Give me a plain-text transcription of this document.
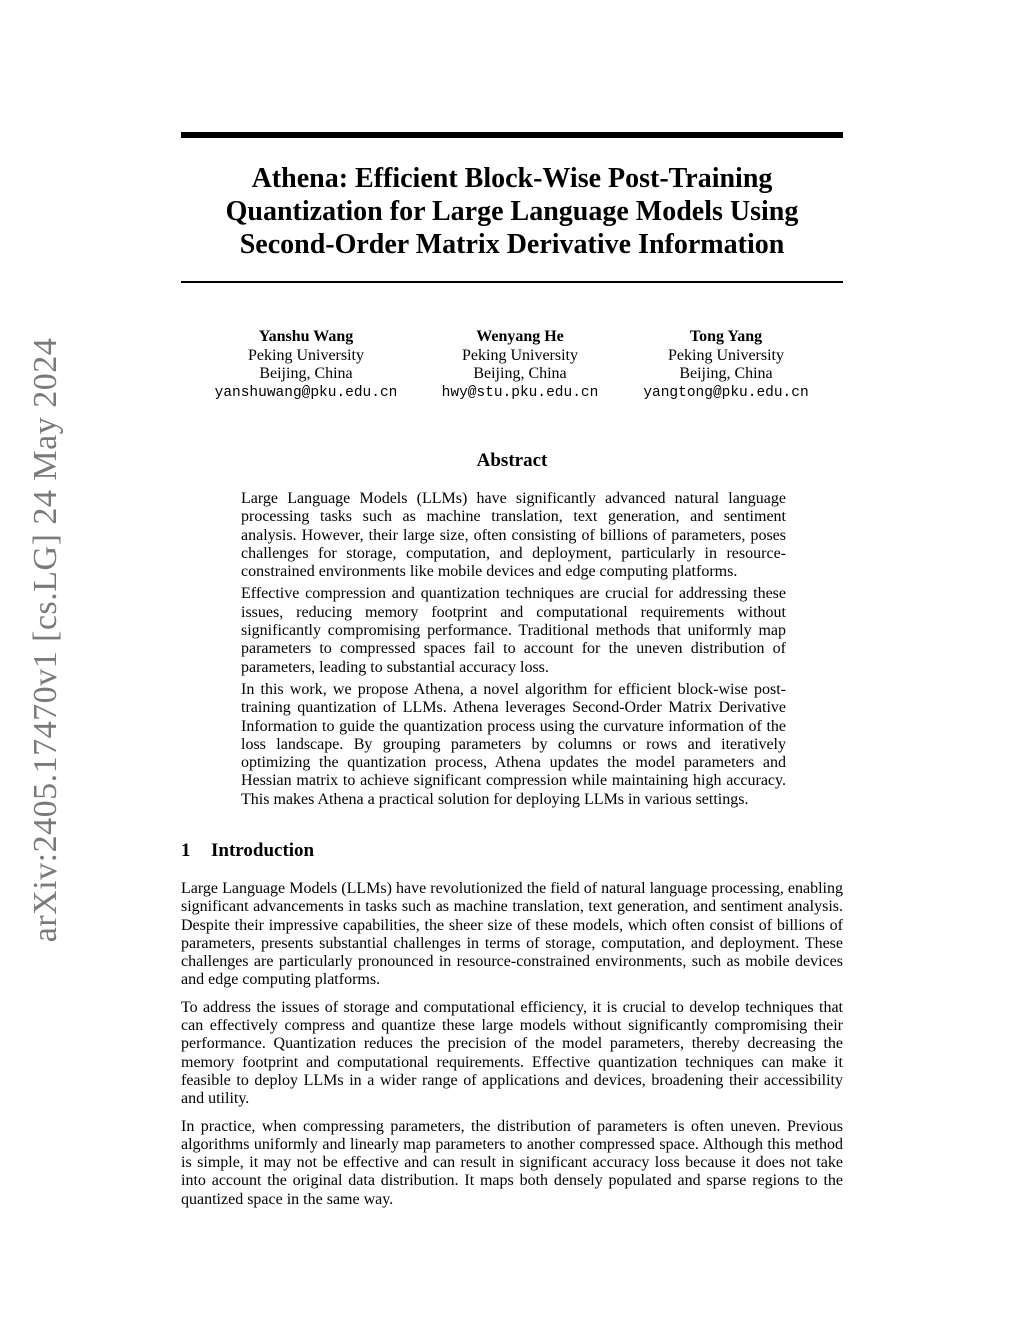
arXiv:2405.17470v1 [cs.LG] 24 May 2024
Athena: Efficient Block-Wise Post-Training
Quantization for Large Language Models Using
Second-Order Matrix Derivative Information
Yanshu Wang
Peking University
Beijing, China
yanshuwang@pku.edu.cn
Wenyang He
Peking University
Beijing, China
hwy@stu.pku.edu.cn
Tong Yang
Peking University
Beijing, China
yangtong@pku.edu.cn
Abstract

Large Language Models (LLMs) have significantly advanced natural language processing tasks such as machine translation, text generation, and sentiment analysis. However, their large size, often consisting of billions of parameters, poses challenges for storage, computation, and deployment, particularly in resource-constrained environments like mobile devices and edge computing platforms.

Effective compression and quantization techniques are crucial for addressing these issues, reducing memory footprint and computational requirements without significantly compromising performance. Traditional methods that uniformly map parameters to compressed spaces fail to account for the uneven distribution of parameters, leading to substantial accuracy loss.

In this work, we propose Athena, a novel algorithm for efficient block-wise post-training quantization of LLMs. Athena leverages Second-Order Matrix Derivative Information to guide the quantization process using the curvature information of the loss landscape. By grouping parameters by columns or rows and iteratively optimizing the quantization process, Athena updates the model parameters and Hessian matrix to achieve significant compression while maintaining high accuracy. This makes Athena a practical solution for deploying LLMs in various settings.

1 Introduction

Large Language Models (LLMs) have revolutionized the field of natural language processing, enabling significant advancements in tasks such as machine translation, text generation, and sentiment analysis. Despite their impressive capabilities, the sheer size of these models, which often consist of billions of parameters, presents substantial challenges in terms of storage, computation, and deployment. These challenges are particularly pronounced in resource-constrained environments, such as mobile devices and edge computing platforms.

To address the issues of storage and computational efficiency, it is crucial to develop techniques that can effectively compress and quantize these large models without significantly compromising their performance. Quantization reduces the precision of the model parameters, thereby decreasing the memory footprint and computational requirements. Effective quantization techniques can make it feasible to deploy LLMs in a wider range of applications and devices, broadening their accessibility and utility.

In practice, when compressing parameters, the distribution of parameters is often uneven. Previous algorithms uniformly and linearly map parameters to another compressed space. Although this method is simple, it may not be effective and can result in significant accuracy loss because it does not take into account the original data distribution. It maps both densely populated and sparse regions to the quantized space in the same way.
